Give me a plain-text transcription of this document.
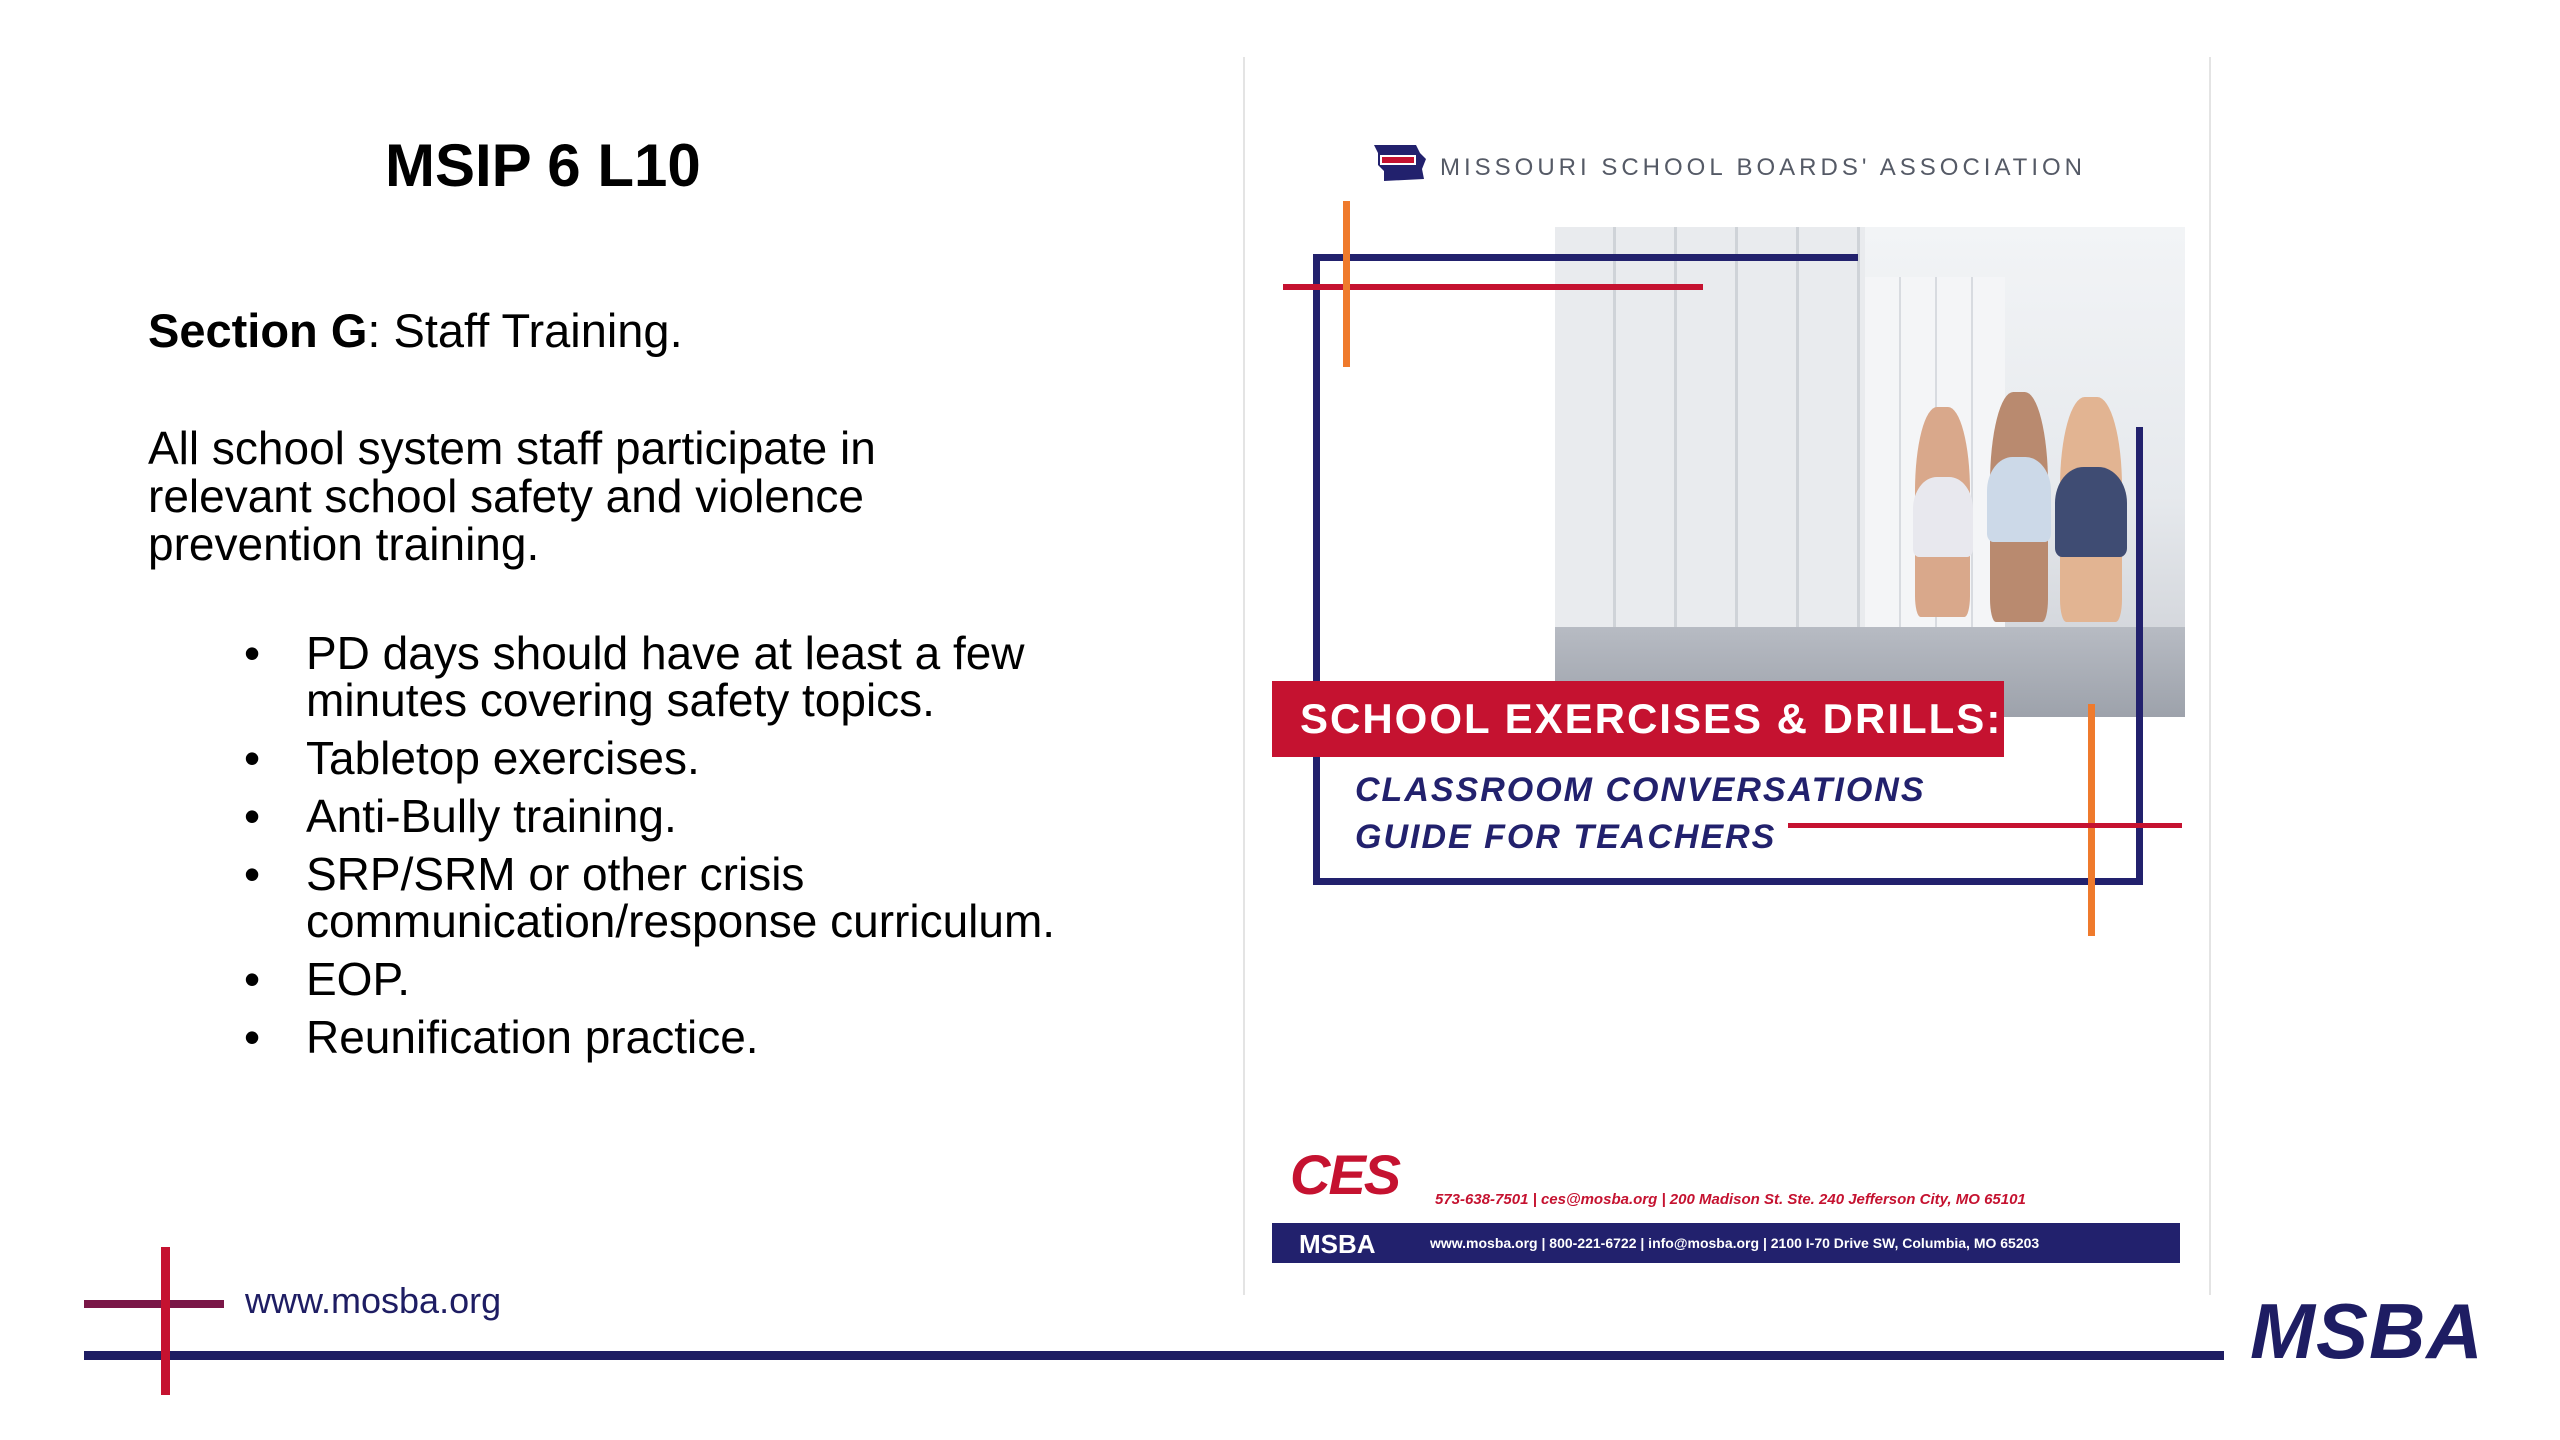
MSIP 6 L10
Section G: Staff Training.
All school system staff participate in relevant school safety and violence prevention training.
• PD days should have at least a few minutes covering safety topics.
• Tabletop exercises.
• Anti-Bully training.
• SRP/SRM or other crisis communication/response curriculum.
• EOP.
• Reunification practice.
MISSOURI SCHOOL BOARDS' ASSOCIATION
SCHOOL EXERCISES & DRILLS:
CLASSROOM CONVERSATIONS
GUIDE FOR TEACHERS
CES 573-638-7501 | ces@mosba.org | 200 Madison St. Ste. 240 Jefferson City, MO 65101
MSBA	www.mosba.org | 800-221-6722 | info@mosba.org | 2100 I-70 Drive SW, Columbia, MO 65203
www.mosba.org	MSBA
